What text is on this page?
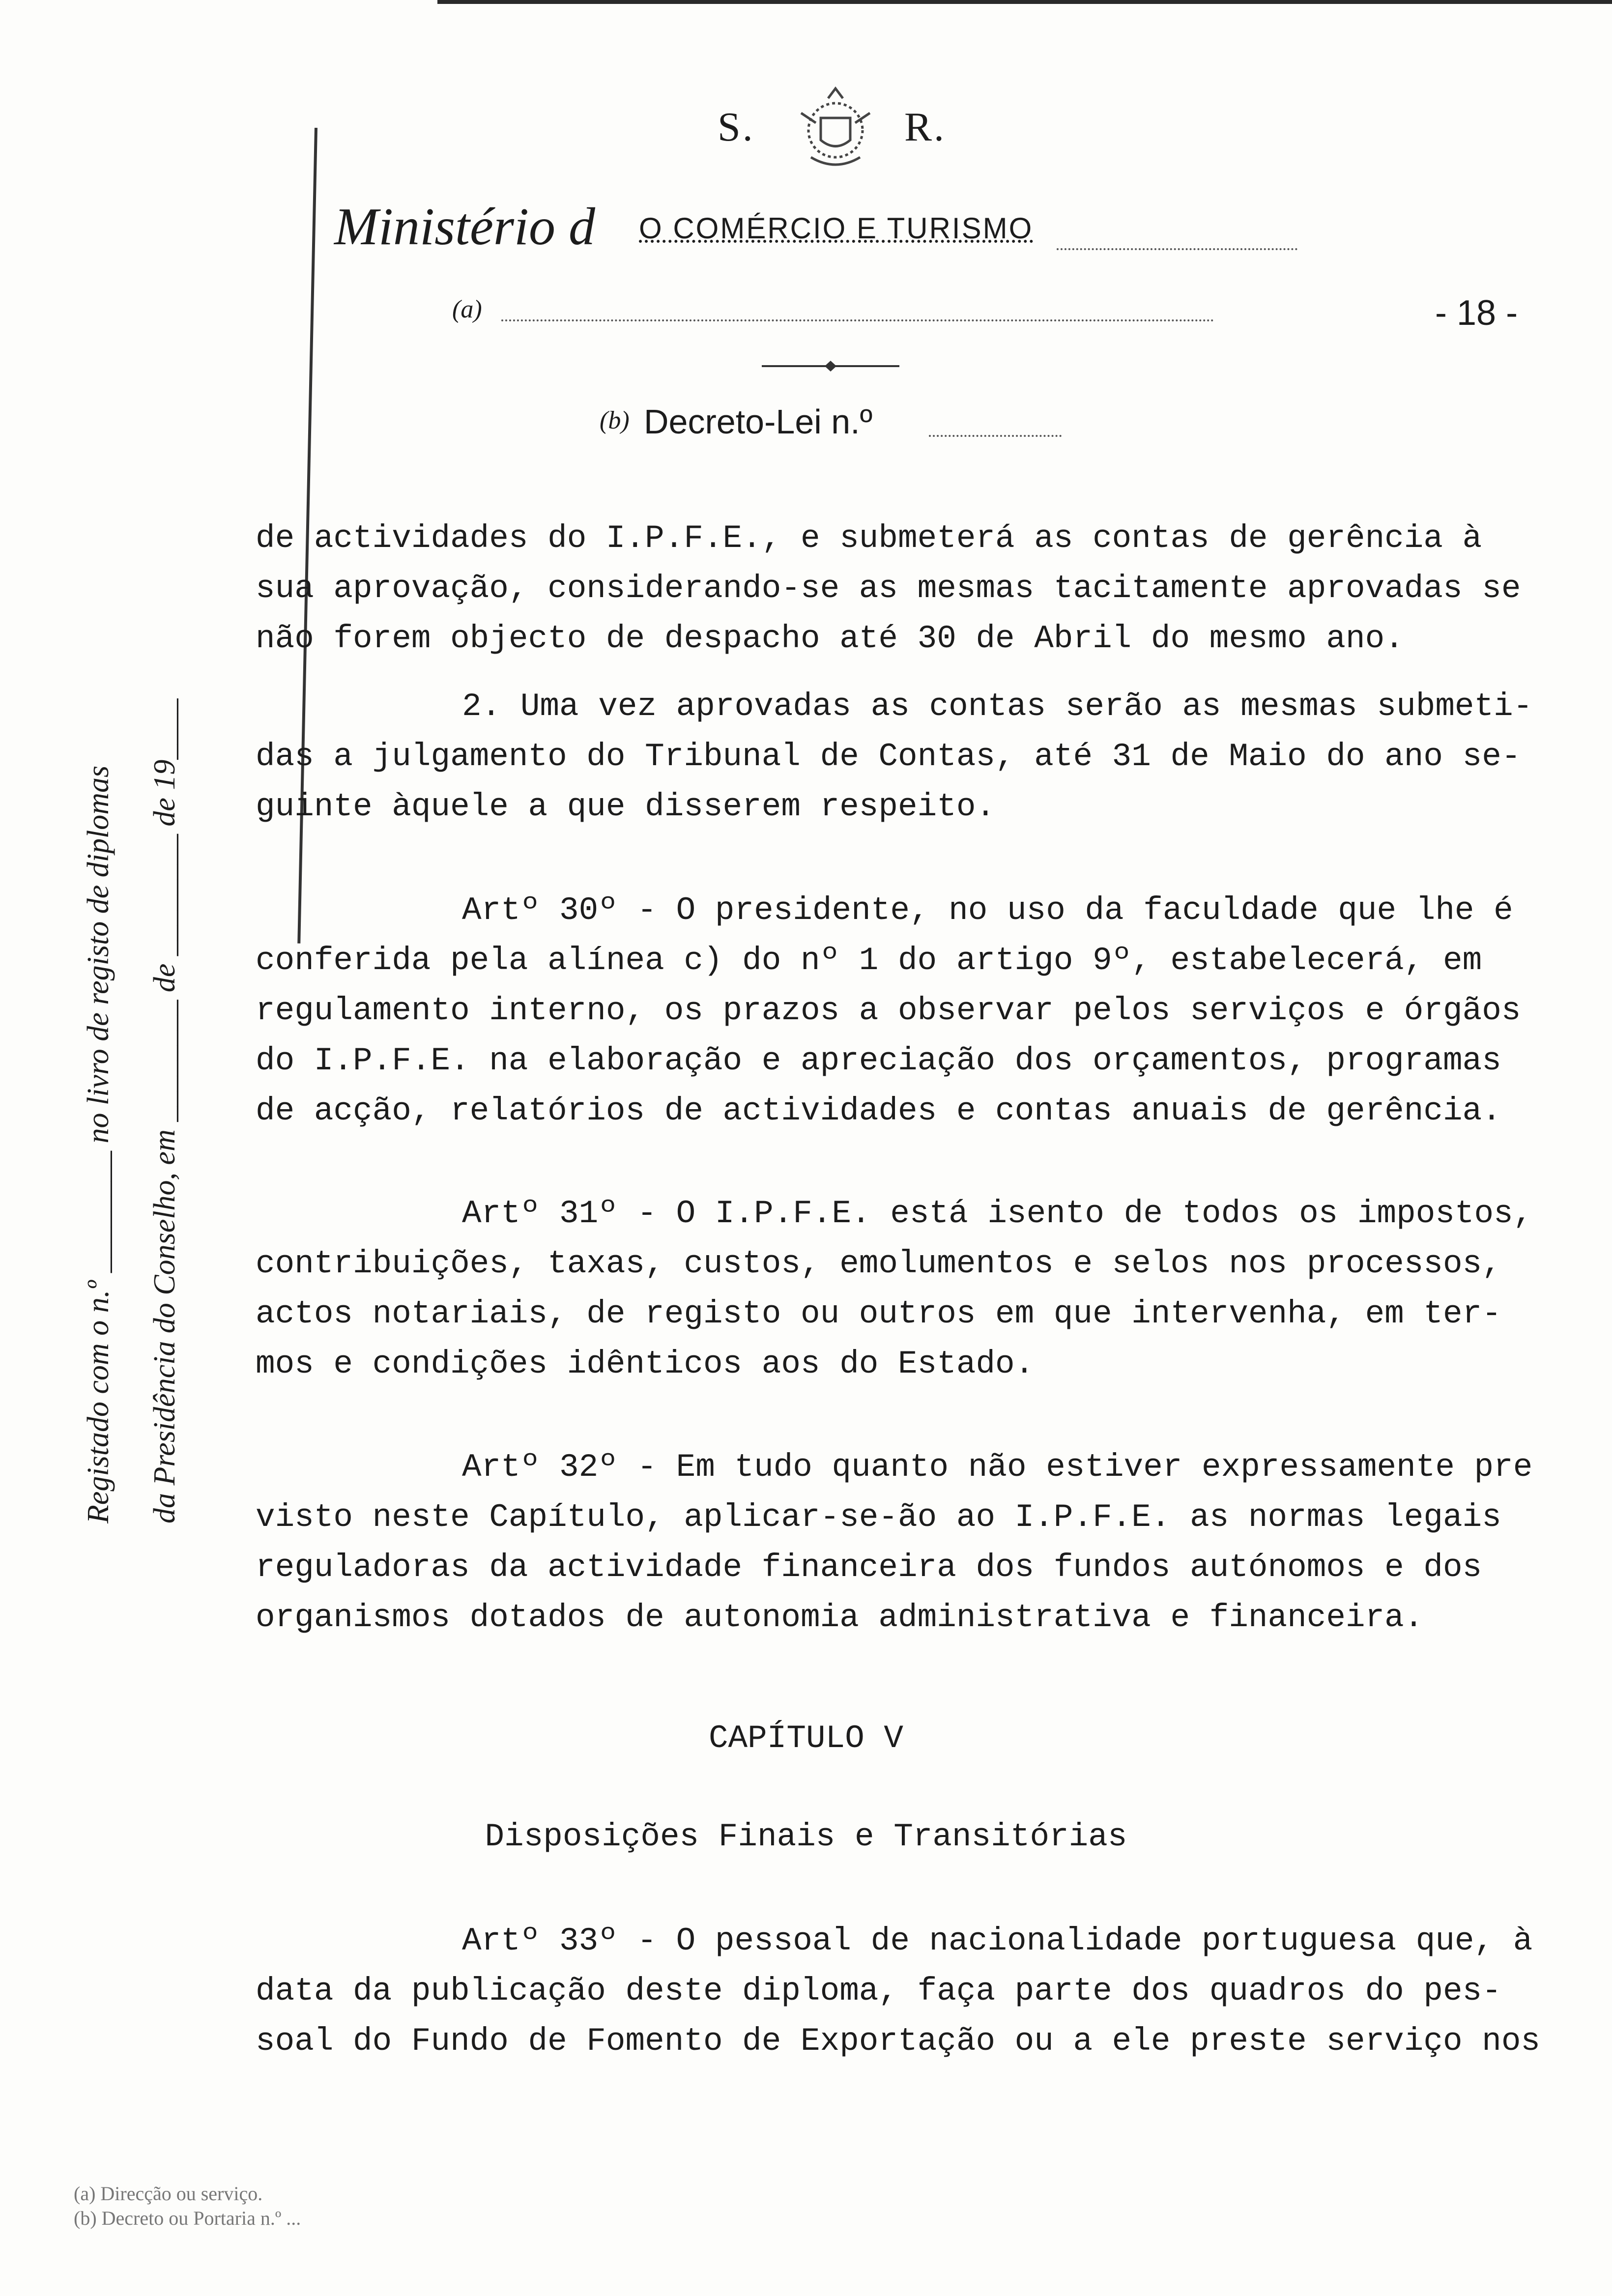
S.	R.
Ministério d O COMÉRCIO E TURISMO
(a)	- 18 -
(b) Decreto-Lei n.º
Registado com o n.º ________ no livro de registo de diplomas da Presidência do Conselho, em ________ de ________ de 19____
de actividades do I.P.F.E., e submeterá as contas de gerência à
sua aprovação, considerando-se as mesmas tacitamente aprovadas se
não forem objecto de despacho até 30 de Abril do mesmo ano.
2. Uma vez aprovadas as contas serão as mesmas submeti-
das a julgamento do Tribunal de Contas, até 31 de Maio do ano se-
guinte àquele a que disserem respeito.
Artº 30º - O presidente, no uso da faculdade que lhe é
conferida pela alínea c) do nº 1 do artigo 9º, estabelecerá, em
regulamento interno, os prazos a observar pelos serviços e órgãos
do I.P.F.E. na elaboração e apreciação dos orçamentos, programas
de acção, relatórios de actividades e contas anuais de gerência.
Artº 31º - O I.P.F.E. está isento de todos os impostos,
contribuições, taxas, custos, emolumentos e selos nos processos,
actos notariais, de registo ou outros em que intervenha, em ter-
mos e condições idênticos aos do Estado.
Artº 32º - Em tudo quanto não estiver expressamente pre
visto neste Capítulo, aplicar-se-ão ao I.P.F.E. as normas legais
reguladoras da actividade financeira dos fundos autónomos e dos
organismos dotados de autonomia administrativa e financeira.
CAPÍTULO V
Disposições Finais e Transitórias
Artº 33º - O pessoal de nacionalidade portuguesa que, à
data da publicação deste diploma, faça parte dos quadros do pes-
soal do Fundo de Fomento de Exportação ou a ele preste serviço nos
(a) Direcção ou serviço.
(b) Decreto ou Portaria n.º ...
